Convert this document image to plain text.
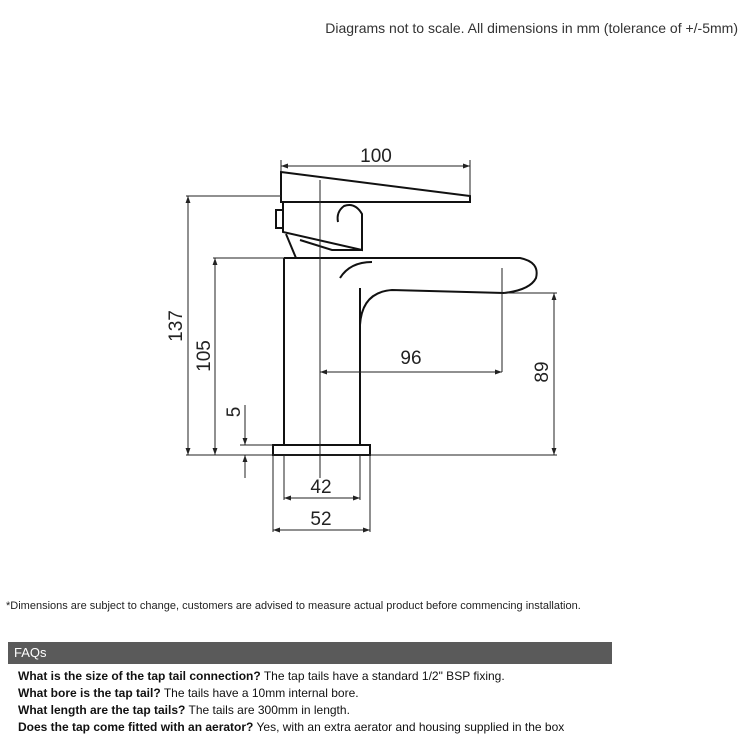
Diagrams not to scale. All dimensions in mm (tolerance of +/-5mm)
100
137
105
5
96
89
42
52
*Dimensions are subject to change, customers are advised to measure actual product before commencing installation.
FAQs
What is the size of the tap tail connection? The tap tails have a standard 1/2" BSP fixing.
What bore is the tap tail? The tails have a 10mm internal bore.
What length are the tap tails? The tails are 300mm in length.
Does the tap come fitted with an aerator? Yes, with an extra aerator and housing supplied in the box
